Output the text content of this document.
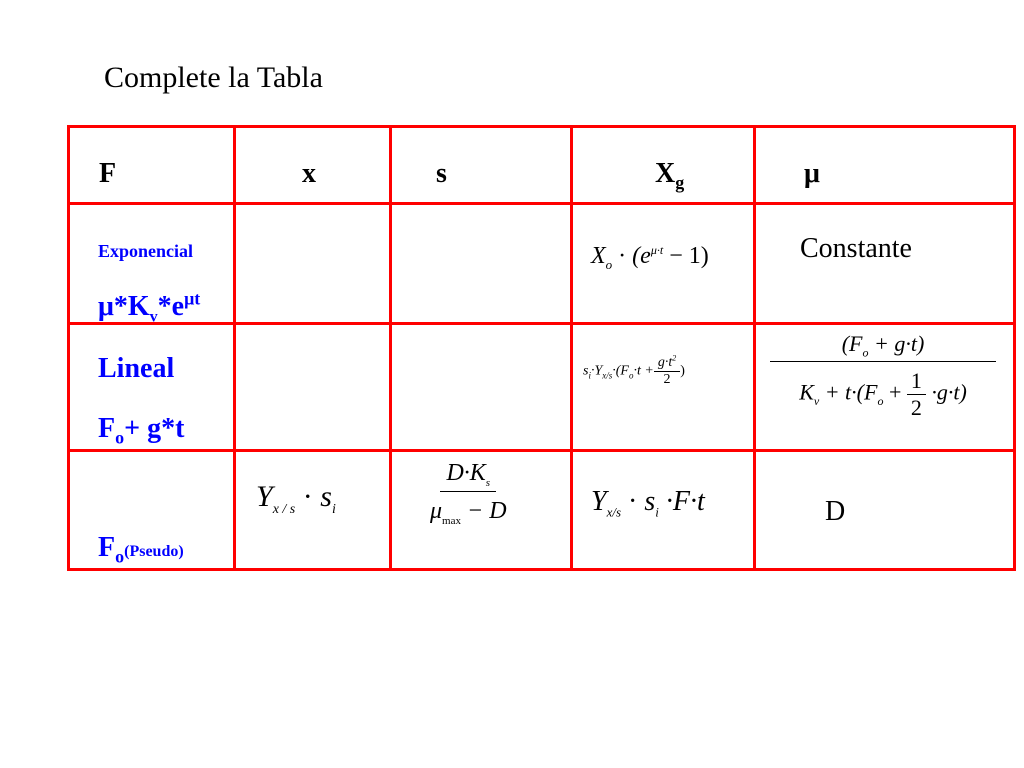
Complete la Tabla
F	x	s	$X_g$	μ

Exponencial
$\mu*K_v*e^{\mu t}$			$X_o \cdot (e^{\mu\cdot t} - 1)$	Constante

Lineal
$F_o+ g*t$			$s_i\cdot Y_{x/s}\cdot(F_o\cdot t + \frac{g\cdot t^2}{2}$ )	$\frac{(F_o + g\cdot t)}{K_v + t\cdot(F_o + \frac{1}{2} \cdot g\cdot t)}$

$F_o(Pseudo)$	$Y_{x / s} \cdot s_i$	$\frac{D\cdot K_s}{\mu_{max} - D}$	$Y_{x/s} \cdot s_i \cdot F\cdot t$	D
